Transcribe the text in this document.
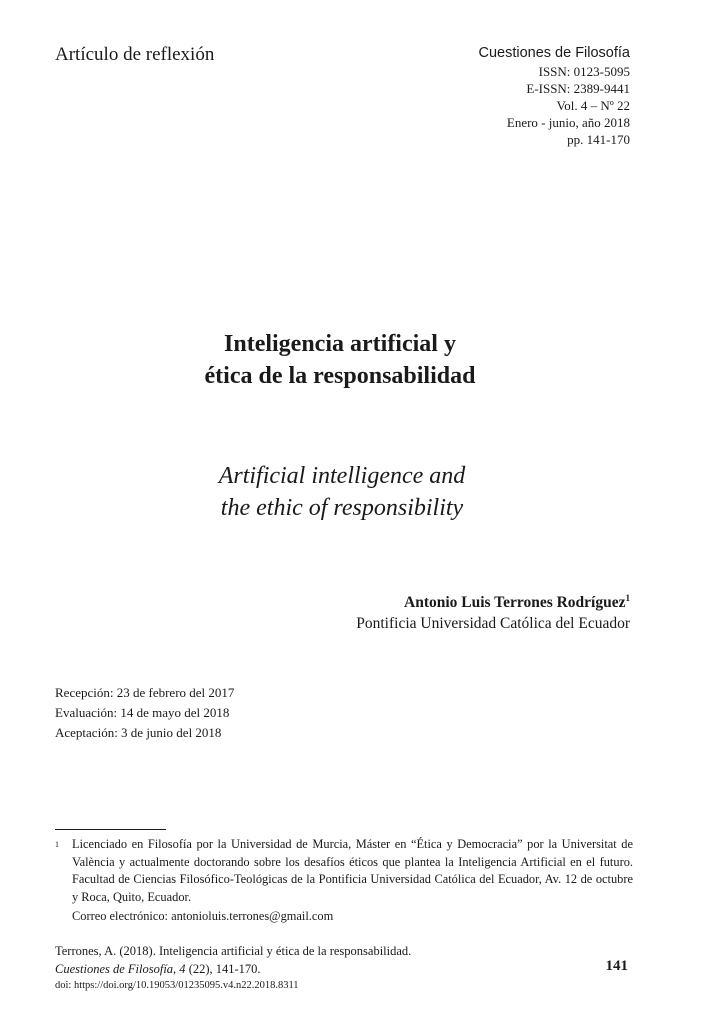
Artículo de reflexión	Cuestiones de Filosofía
ISSN: 0123-5095
E-ISSN: 2389-9441
Vol. 4 – Nº 22
Enero - junio, año 2018
pp. 141-170
Inteligencia artificial y
ética de la responsabilidad
Artificial intelligence and
the ethic of responsibility
Antonio Luis Terrones Rodríguez$^1$
Pontificia Universidad Católica del Ecuador
Recepción: 23 de febrero del 2017
Evaluación: 14 de mayo del 2018
Aceptación: 3 de junio del 2018
1 Licenciado en Filosofía por la Universidad de Murcia, Máster en “Ética y Democracia” por la Universitat de València y actualmente doctorando sobre los desafíos éticos que plantea la Inteligencia Artificial en el futuro. Facultad de Ciencias Filosófico-Teológicas de la Pontificia Universidad Católica del Ecuador, Av. 12 de octubre y Roca, Quito, Ecuador.
Correo electrónico: antonioluis.terrones@gmail.com
Terrones, A. (2018). Inteligencia artificial y ética de la responsabilidad.
Cuestiones de Filosofía, 4 (22), 141-170.
doi: https://doi.org/10.19053/01235095.v4.n22.2018.8311
141
